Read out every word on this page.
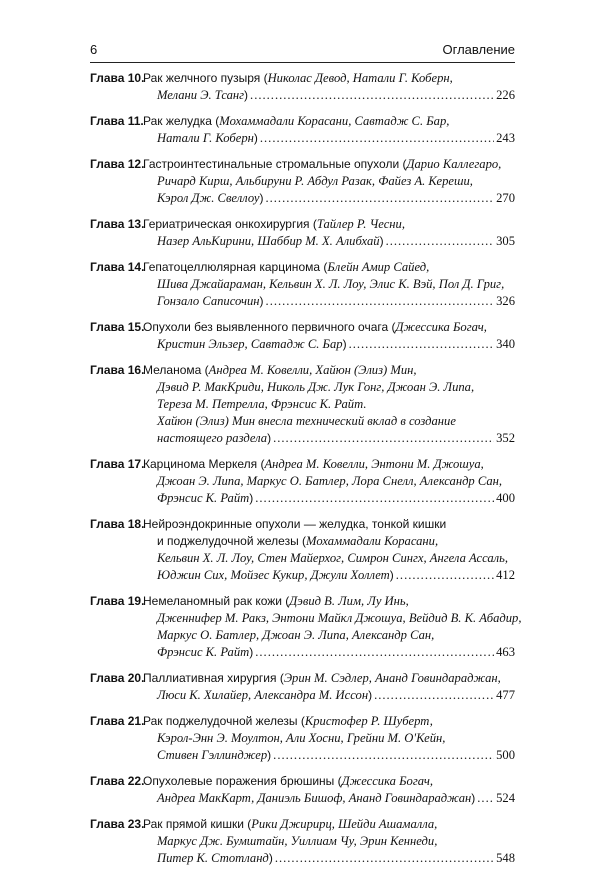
6	Оглавление
Глава 10.
Рак желчного пузыря (Николас Девод, Натали Г. Коберн,
Мелани Э. Тсанг) .....	226
Глава 11. Рак желудка (Мохаммадали Корасани, Савтадж С. Бар,
Натали Г. Коберн) .....	243
Глава 12.
Гастроинтестинальные стромальные опухоли (Дарио Каллегаро,
Ричард Кирш, Альбируни Р. Абдул Разак, Файез А. Кереши,
Кэрол Дж. Свеллоу) .....	270
Глава 13.
Гериатрическая онкохирургия (Тайлер Р. Чесни,
Назер АльКирини, Шаббир М. Х. Алибхай) .....	305
Глава 14.
Гепатоцеллюлярная карцинома (Блейн Амир Сайед,
Шива Джайараман, Кельвин Х. Л. Лоу, Элис К. Вэй, Пол Д. Григ,
Гонзало Саписочин) .....	326
Глава 15.
Опухоли без выявленного первичного очага (Джессика Богач,
Кристин Эльзер, Савтадж С. Бар) .....	340
Глава 16.
Меланома (Андреа М. Ковелли, Хайюн (Элиз) Мин,
Дэвид Р. МакКриди, Николь Дж. Лук Гонг, Джоан Э. Липа,
Тереза М. Петрелла, Фрэнсис К. Райт.
Хайюн (Элиз) Мин внесла технический вклад в создание
настоящего раздела) .....	352
Глава 17.
Карцинома Меркеля (Андреа М. Ковелли, Энтони М. Джошуа,
Джоан Э. Липа, Маркус О. Батлер, Лора Снелл, Александр Сан,
Фрэнсис К. Райт) .....	400
Глава 18.
Нейроэндокринные опухоли — желудка, тонкой кишки
и поджелудочной железы (Мохаммадали Корасани,
Кельвин Х. Л. Лоу, Стен Майерхог, Симрон Сингх, Ангела Ассаль,
Юджин Сих, Мойзес Кукир, Джули Холлет) .....	412
Глава 19.
Немеланомный рак кожи (Дэвид В. Лим, Лу Инь,
Дженнифер М. Ракз, Энтони Майкл Джошуа, Вейдид В. К. Абадир,
Маркус О. Батлер, Джоан Э. Липа, Александр Сан,
Фрэнсис К. Райт) .....	463
Глава 20.
Паллиативная хирургия (Эрин М. Сэдлер, Ананд Говиндараджан,
Люси К. Хилайер, Александра М. Иссон) .....	477
Глава 21.
Рак поджелудочной железы (Кристофер Р. Шуберт,
Кэрол-Энн Э. Моултон, Али Хосни, Грейни М. О'Кейн,
Стивен Гэллинджер) .....	500
Глава 22.
Опухолевые поражения брюшины (Джессика Богач,
Андреа МакКарт, Даниэль Бишоф, Ананд Говиндараджан) ..... 524
Глава 23.
Рак прямой кишки (Рики Джирирц, Шейди Ашамалла,
Маркус Дж. Бумштайн, Уиллиам Чу, Эрин Кеннеди,
Питер К. Стотланд) .....	548
